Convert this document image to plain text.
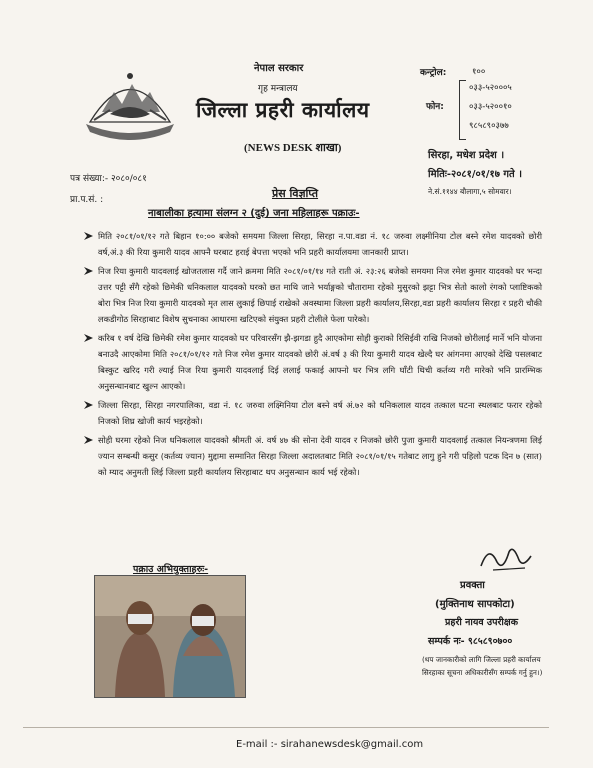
नेपाल सरकार
गृह मन्त्रालय
जिल्ला प्रहरी कार्यालय
(NEWS DESK शाखा)
कन्ट्रोल:	१००
फोन:
०३३-५२०००५
०३३-५२००१०
९८५८९०३७७
सिरहा, मधेश प्रदेश ।
मितिः-२०८१/०१/१७ गते ।
ने.सं.११४४ बौलागा,५ सोमवार।
पत्र संख्या:- २०८०/०८१
प्रा.प.सं. :	प्रेस विज्ञप्ति
नाबालीका हत्यामा संलग्न २ (दुई) जना महिलाहरू पक्राउः-
मिति २०८१/०१/१२ गते बिहान १०:०० बजेको समयमा जिल्ला सिरहा, सिरहा न.पा.वडा नं. १८ जरुवा लक्ष्मीनिया टोल बस्ने रमेश यादवको छोरी वर्ष,अं.३ की रिया कुमारी यादव आफ्नै घरबाट हराई बेपत्ता भएको भनि प्रहरी कार्यालयमा जानकारी प्राप्त।
निज रिया कुमारी यादवलाई खोजतलास गर्दै जाने क्रममा मिति २०८१/०१/१४ गते राती अं. २३:२६ बजेको समयमा निज रमेश कुमार यादवको घर भन्दा उत्तर पट्टी सँगै रहेको छिमेकी धनिकलाल यादवको घरको छत माथि जाने भर्याङ्गको चौतारामा रहेको मुसुरको झट्टा भित्र सेतो कालो रंगको प्लाष्टिकको बोरा भित्र निज रिया कुमारी यादवको मृत लास लुकाई छिपाई राखेको अवस्थामा जिल्ला प्रहरी कार्यालय,सिरहा,वडा प्रहरी कार्यालय सिरहा र प्रहरी चौकी लकडीगोठ सिरहाबाट विशेष सुचनाका आधारमा खटिएको संयुक्त प्रहरी टोलीले फेला पारेको।
करिब १ वर्ष देखि छिमेकी रमेश कुमार यादवको घर परिवारसँग झै-झगडा हुदै आएकोमा सोही कुराको रिसिईवी राखि निजको छोरीलाई मार्ने भनि योजना बनाउदै आएकोमा मिति २०८१/०१/१२ गते निज रमेश कुमार यादवको छोरी अं.वर्ष ३ की रिया कुमारी यादव खेल्दै घर आंगनमा आएको देखि पसलबाट बिस्कुट खरिद गरी ल्याई निज रिया कुमारी यादवलाई दिई ललाई फकाई आफ्नो घर भित्र लगि घाँटी थिची कर्तव्य गरी मारेको भनि प्रारम्भिक अनुसन्धानबाट खुल्न आएको।
जिल्ला सिरहा, सिरहा नगरपालिका, वडा नं. १८ जरुवा लक्ष्मिनिया टोल बस्ने वर्ष अं.७२ को धनिकलाल यादव तत्काल घटना स्थलबाट फरार रहेको निजको शिघ्र खोजी कार्य भइरहेको।
सोही घरमा रहेको निज धनिकलाल यादवको श्रीमती अं. वर्ष ४७ की सोना देवी यादव र निजको छोरी पुजा कुमारी यादवलाई तत्काल नियन्त्रणमा लिई ज्यान सम्बन्धी कसुर (कर्तव्य ज्यान) मुद्दामा सम्मानित सिरहा जिल्ला अदालतबाट मिति २०८१/०१/१५ गतेबाट लागु हुने गरी पहिलो पटक दिन ७ (सात) को म्याद अनुमती लिई जिल्ला प्रहरी कार्यालय सिरहाबाट थप अनुसन्धान कार्य भई रहेको।
पक्राउ अभियुक्ताहरुः-
प्रवक्ता
(मुक्तिनाथ सापकोटा)
प्रहरी नायव उपरीक्षक
सम्पर्क नः- ९८५८९०७००
(थप जानकारीको लागि जिल्ला प्रहरी कार्यालय सिरहाका सूचना अधिकारीसँग सम्पर्क गर्नु हुन।)
E-mail :- sirahanewsdesk@gmail.com
